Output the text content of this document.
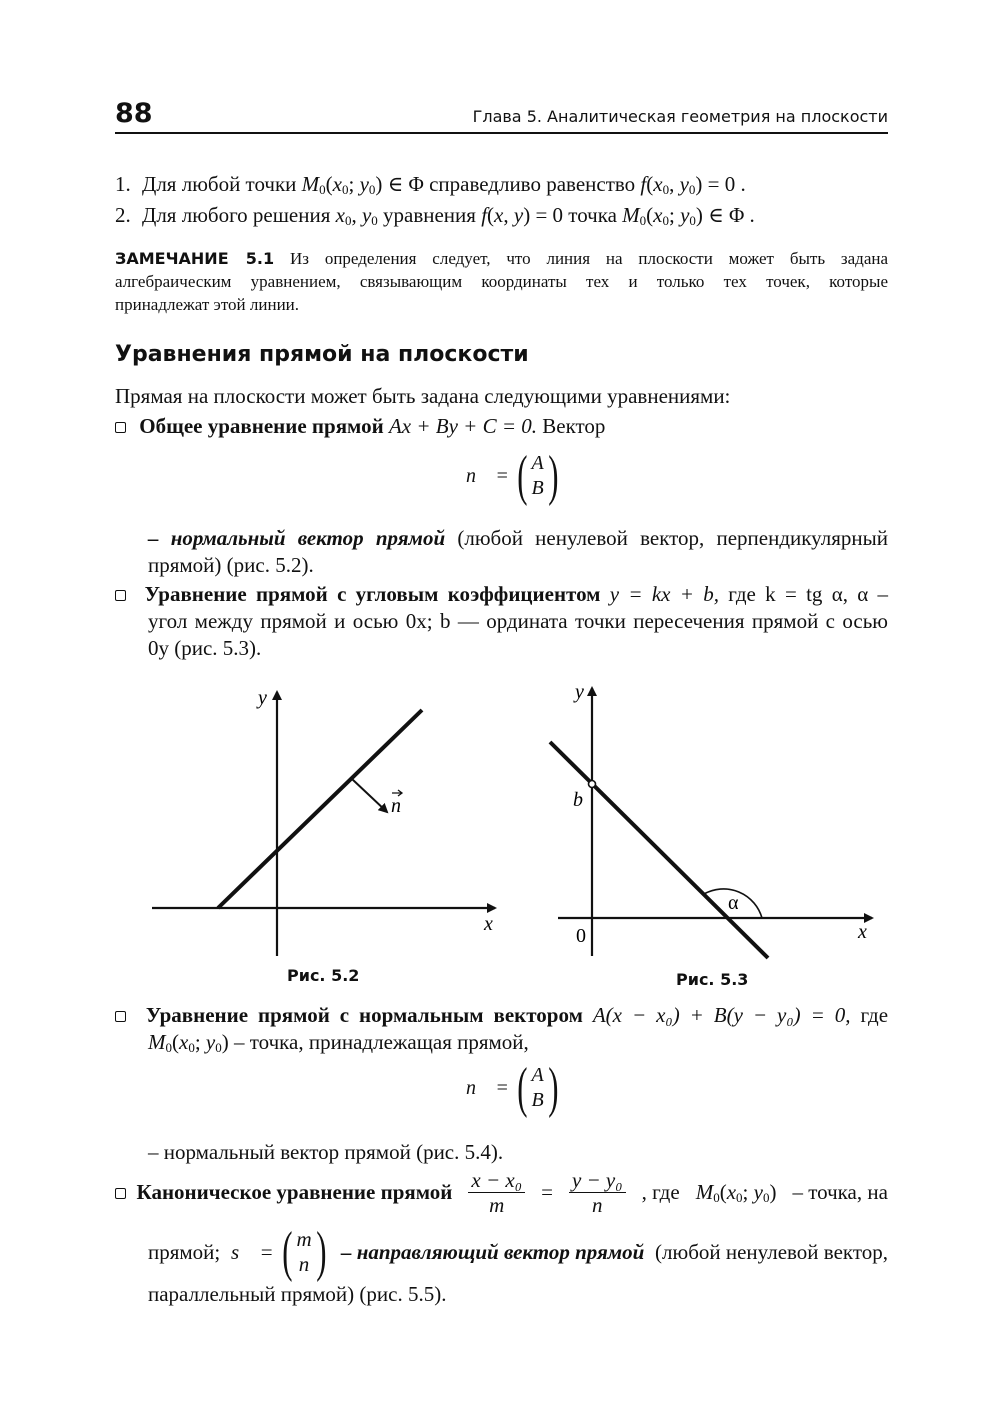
88	Глава 5. Аналитическая геометрия на плоскости
1. Для любой точки $M_0(x_0$; $y_0$) ∈ Φ справедливо равенство $f(x_0$, $y_0) = 0$ .
2. Для любого решения $x_0$, $y_0$ уравнения f(x, y) = 0 точка $M_0(x_0$; $y_0$) ∈ Φ .
ЗАМЕЧАНИЕ 5.1 Из определения следует, что линия на плоскости может быть задана
алгебраическим уравнением, связывающим координаты тех и только тех точек, которые
принадлежат этой линии.
Уравнения прямой на плоскости
Прямая на плоскости может быть задана следующими уравнениями:
Общее уравнение прямой Ax + By + C = 0. Вектор
n⃗ = ( A
B )
– нормальный вектор прямой (любой ненулевой вектор, перпендикулярный
прямой) (рис. 5.2).
Уравнение прямой с угловым коэффициентом y = kx + b, где k = tg α, α –
угол между прямой и осью 0x; b — ордината точки пересечения прямой с осью
0y (рис. 5.3).
y
x
n
Рис. 5.2
y
x
0
b
α
Рис. 5.3
Уравнение прямой с нормальным вектором A(x − x₀) + B(y − y₀) = 0, где
$M_0(x_0$; $y_0$) – точка, принадлежащая прямой,
n⃗ = ( A
B )
– нормальный вектор прямой (рис. 5.4).
Каноническое уравнение прямой $\frac{\text{x − x₀}}{m} = \frac{\text{y − y₀}}{n}$ , где $M_0(x_0$; $y_0$) – точка, на
прямой; s⃗ = ( m
n ) – направляющий вектор прямой (любой ненулевой вектор,
параллельный прямой) (рис. 5.5).
